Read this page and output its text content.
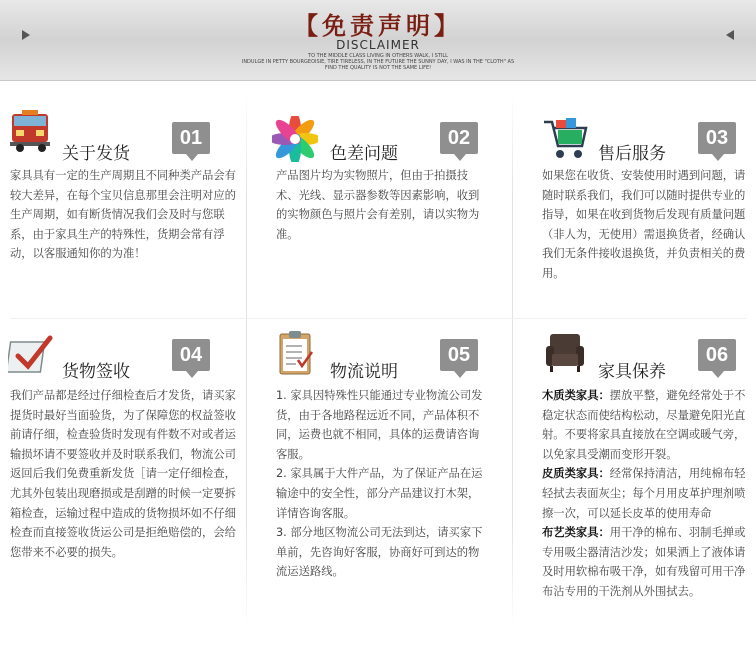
【免责声明】
DISCLAIMER
TO THE MIDDLE CLASS LIVING IN OTHERS WALK, I STILL
INDULGE IN PETTY BOURGEOISIE, TIRE TIRELESS, IN THE FUTURE THE SUNNY DAY, I WAS IN THE "CLOTH" AS
FIND THE QUALITY IS NOT THE SAME LIFE!
关于发货
01
家具具有一定的生产周期且不同种类产品会有较大差异，在每个宝贝信息那里会注明对应的生产周期，如有断货情况我们会及时与您联系，由于家具生产的特殊性，货期会常有浮动，以客服通知你的为准！
色差问题
02
产品图片均为实物照片，但由于拍摄技术、光线、显示器参数等因素影响，收到的实物颜色与照片会有差别，请以实物为准。
售后服务
03
如果您在收货、安装使用时遇到问题，请随时联系我们，我们可以随时提供专业的指导，如果在收到货物后发现有质量问题（非人为，无使用）需退换货者，经确认我们无条件接收退换货，并负责相关的费用。
货物签收
04
我们产品都是经过仔细检查后才发货，请买家提货时最好当面验货，为了保障您的权益签收前请仔细，检查验货时发现有件数不对或者运输损坏请不要签收并及时联系我们，物流公司返回后我们免费重新发货［请一定仔细检查，尤其外包装出现磨损或是刮蹭的时候一定要拆箱检查，运输过程中造成的货物损坏如不仔细检查而直接签收货运公司是拒绝赔偿的，会给您带来不必要的损失。
物流说明
05

1. 家具因特殊性只能通过专业物流公司发货，由于各地路程远近不同，产品体积不同，运费也就不相同，具体的运费请咨询客服。

2. 家具属于大件产品，为了保证产品在运输途中的安全性，部分产品建议打木架，详情咨询客服。

3. 部分地区物流公司无法到达，请买家下单前，先咨询好客服，协商好可到达的物流运送路线。

家具保养
06

木质类家具：摆放平整，避免经常处于不稳定状态而使结构松动，尽量避免阳光直射。不要将家具直接放在空调或暖气旁，以免家具受潮而变形开裂。

皮质类家具：经常保持清洁，用纯棉布轻轻拭去表面灰尘；每个月用皮革护理剂喷擦一次，可以延长皮革的使用寿命

布艺类家具：用干净的棉布、羽制毛掸或专用吸尘器清洁沙发；如果洒上了液体请及时用软棉布吸干净，如有残留可用干净布沾专用的干洗剂从外围拭去。
